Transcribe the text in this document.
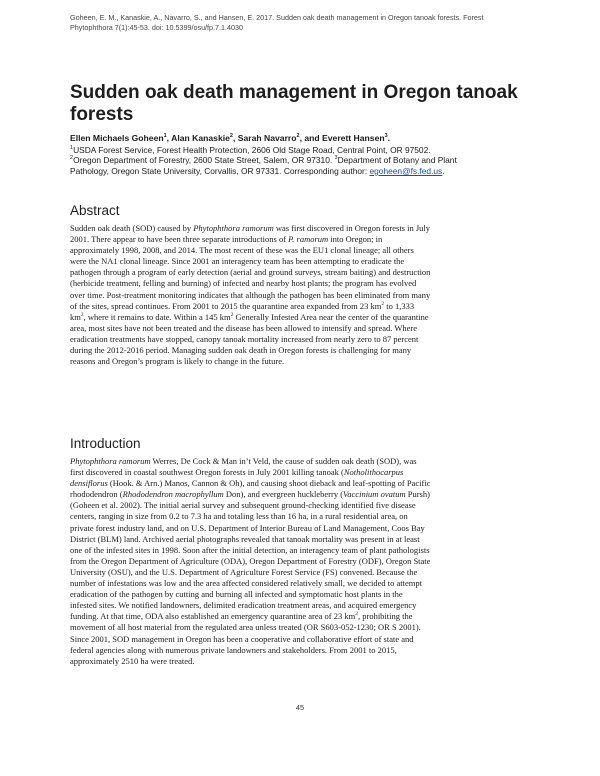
Goheen, E. M., Kanaskie, A., Navarro, S., and Hansen, E. 2017. Sudden oak death management in Oregon tanoak forests. Forest
Phytophthora 7(1):45-53. doi: 10.5399/osu/fp.7.1.4030
Sudden oak death management in Oregon tanoak
forests
Ellen Michaels Goheen$^1$, Alan Kanaskie$^2$, Sarah Navarro$^2$, and Everett Hansen$^3$.
$^1$USDA Forest Service, Forest Health Protection, 2606 Old Stage Road, Central Point, OR 97502.
$^2$Oregon Department of Forestry, 2600 State Street, Salem, OR 97310. $^3$Department of Botany and Plant
Pathology, Oregon State University, Corvallis, OR 97331. Corresponding author: egoheen@fs.fed.us.
Abstract

Sudden oak death (SOD) caused by Phytophthora ramorum was first discovered in Oregon forests in July

2001. There appear to have been three separate introductions of P. ramorum into Oregon; in

approximately 1998, 2008, and 2014. The most recent of these was the EU1 clonal lineage; all others

were the NA1 clonal lineage. Since 2001 an interagency team has been attempting to eradicate the

pathogen through a program of early detection (aerial and ground surveys, stream baiting) and destruction

(herbicide treatment, felling and burning) of infected and nearby host plants; the program has evolved

over time. Post-treatment monitoring indicates that although the pathogen has been eliminated from many

of the sites, spread continues. From 2001 to 2015 the quarantine area expanded from 23 $km^2$ to 1,333

$km^2$, where it remains to date. Within a 145 $km^2$ Generally Infested Area near the center of the quarantine

area, most sites have not been treated and the disease has been allowed to intensify and spread. Where

eradication treatments have stopped, canopy tanoak mortality increased from nearly zero to 87 percent

during the 2012-2016 period. Managing sudden oak death in Oregon forests is challenging for many

reasons and Oregon’s program is likely to change in the future.

Introduction

Phytophthora ramorum Werres, De Cock & Man in’t Veld, the cause of sudden oak death (SOD), was

first discovered in coastal southwest Oregon forests in July 2001 killing tanoak (Notholithocarpus

densiflorus (Hook. & Arn.) Manos, Cannon & Oh), and causing shoot dieback and leaf-spotting of Pacific

rhododendron (Rhododendron macrophyllum Don), and evergreen huckleberry (Vaccinium ovatum Pursh)

(Goheen et al. 2002). The initial aerial survey and subsequent ground-checking identified five disease

centers, ranging in size from 0.2 to 7.3 ha and totaling less than 16 ha, in a rural residential area, on

private forest industry land, and on U.S. Department of Interior Bureau of Land Management, Coos Bay

District (BLM) land. Archived aerial photographs revealed that tanoak mortality was present in at least

one of the infested sites in 1998. Soon after the initial detection, an interagency team of plant pathologists

from the Oregon Department of Agriculture (ODA), Oregon Department of Forestry (ODF), Oregon State

University (OSU), and the U.S. Department of Agriculture Forest Service (FS) convened. Because the

number of infestations was low and the area affected considered relatively small, we decided to attempt

eradication of the pathogen by cutting and burning all infected and symptomatic host plants in the

infested sites. We notified landowners, delimited eradication treatment areas, and acquired emergency

funding. At that time, ODA also established an emergency quarantine area of 23 $km^2$, prohibiting the

movement of all host material from the regulated area unless treated (OR S603-052-1230; OR S 2001).

Since 2001, SOD management in Oregon has been a cooperative and collaborative effort of state and

federal agencies along with numerous private landowners and stakeholders. From 2001 to 2015,

approximately 2510 ha were treated.

45
